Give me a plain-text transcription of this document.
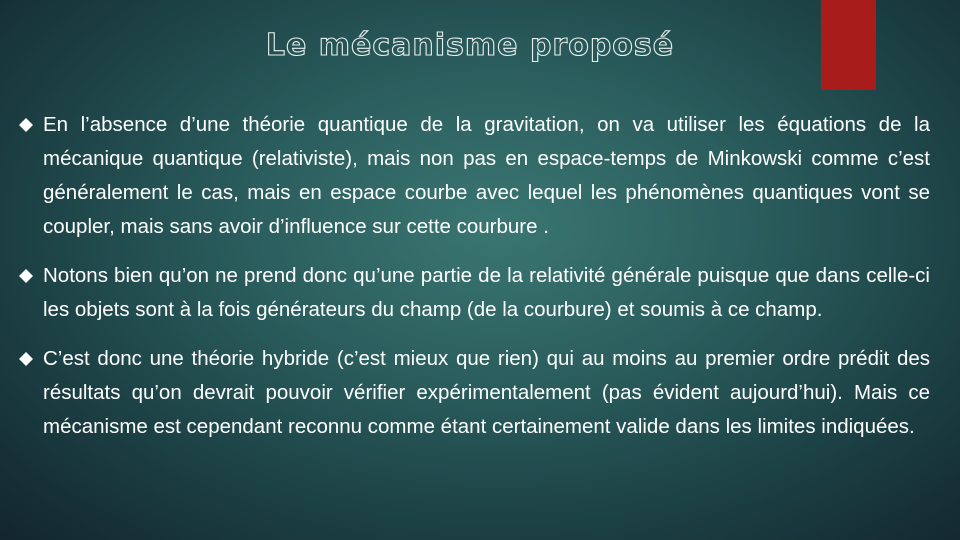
Le mécanisme proposé
En l’absence d’une théorie quantique de la gravitation, on va utiliser les équations de la mécanique quantique (relativiste), mais non pas en espace-temps de Minkowski comme c’est généralement le cas, mais en espace courbe avec lequel les phénomènes quantiques vont se coupler, mais sans avoir d’influence sur cette courbure .
Notons bien qu’on ne prend donc qu’une partie de la relativité générale puisque que dans celle-ci les objets sont à la fois générateurs du champ (de la courbure) et soumis à ce champ.
C’est donc une théorie hybride (c’est mieux que rien) qui au moins au premier ordre prédit des résultats qu’on devrait pouvoir vérifier expérimentalement (pas évident aujourd’hui). Mais ce mécanisme est cependant reconnu comme étant certainement valide dans les limites indiquées.
